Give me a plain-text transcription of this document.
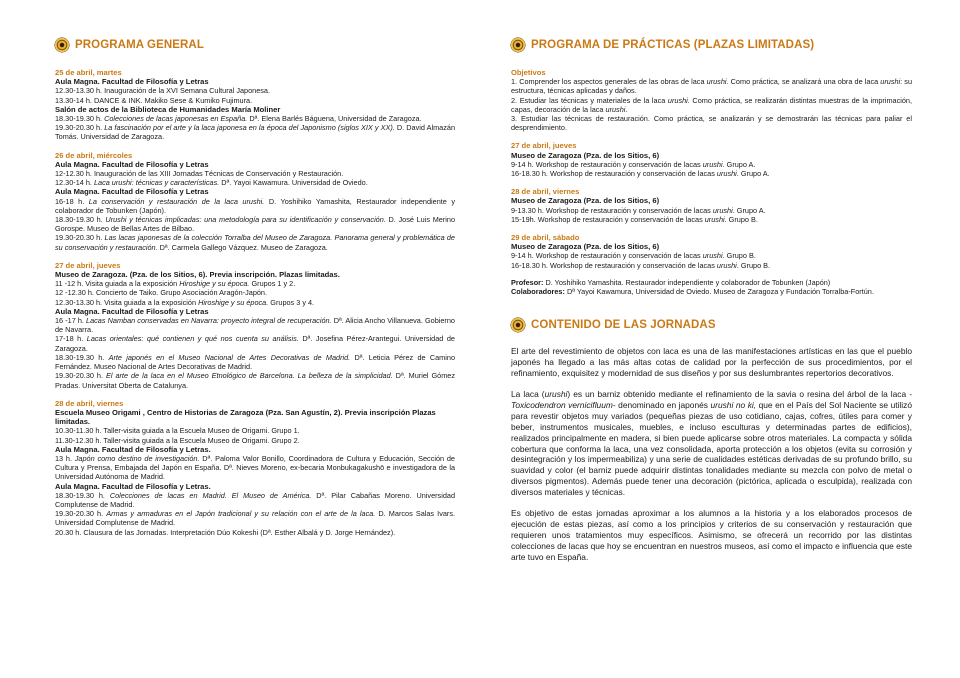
PROGRAMA GENERAL
25 de abril, martes
Aula Magna. Facultad de Filosofía y Letras
12.30-13.30 h. Inauguración de la XVI Semana Cultural Japonesa.
13.30-14 h. DANCE & INK. Makiko Sese & Kumiko Fujimura.
Salón de actos de la Biblioteca de Humanidades María Moliner
18.30-19.30 h. Colecciones de lacas japonesas en España. Dª. Elena Barlés Báguena, Universidad de Zaragoza.
19.30-20.30 h. La fascinación por el arte y la laca japonesa en la época del Japonismo (siglos XIX y XX). D. David Almazán Tomás. Universidad de Zaragoza.
26 de abril, miércoles
Aula Magna. Facultad de Filosofía y Letras
12-12.30 h. Inauguración de las XIII Jornadas Técnicas de Conservación y Restauración.
12.30-14 h. Laca urushi: técnicas y características. Dª. Yayoi Kawamura. Universidad de Oviedo.
Aula Magna. Facultad de Filosofía y Letras
16-18 h. La conservación y restauración de la laca urushi. D. Yoshihiko Yamashita, Restaurador independiente y colaborador de Tobunken (Japón).
18.30-19.30 h. Urushi y técnicas implicadas: una metodología para su identificación y conservación. D. José Luis Merino Gorospe. Museo de Bellas Artes de Bilbao.
19.30-20.30 h. Las lacas japonesas de la colección Torralba del Museo de Zaragoza. Panorama general y problemática de su conservación y restauración. Dª. Carmela Gallego Vázquez. Museo de Zaragoza.
27 de abril, jueves
Museo de Zaragoza. (Pza. de los Sitios, 6). Previa inscripción. Plazas limitadas.
11 -12 h. Visita guiada a la exposición Hiroshige y su época. Grupos 1 y 2.
12 -12.30 h. Concierto de Taiko. Grupo Asociación Aragón-Japón.
12.30-13.30 h. Visita guiada a la exposición Hiroshige y su época. Grupos 3 y 4.
Aula Magna. Facultad de Filosofía y Letras
16 -17 h. Lacas Namban conservadas en Navarra: proyecto integral de recuperación. Dª. Alicia Ancho Villanueva. Gobierno de Navarra.
17-18 h. Lacas orientales: qué contienen y qué nos cuenta su análisis. Dª. Josefina Pérez-Arantegui. Universidad de Zaragoza.
18.30-19.30 h. Arte japonés en el Museo Nacional de Artes Decorativas de Madrid. Dª. Leticia Pérez de Camino Fernández. Museo Nacional de Artes Decorativas de Madrid.
19.30-20.30 h. El arte de la laca en el Museo Etnológico de Barcelona. La belleza de la simplicidad. Dª. Muriel Gómez Pradas. Universitat Oberta de Catalunya.
28 de abril, viernes
Escuela Museo Origami , Centro de Historias de Zaragoza (Pza. San Agustín, 2). Previa inscripción Plazas limitadas.
10.30-11.30 h. Taller-visita guiada a la Escuela Museo de Origami. Grupo 1.
11.30-12.30 h. Taller-visita guiada a la Escuela Museo de Origami. Grupo 2.
Aula Magna. Facultad de Filosofía y Letras.
13 h. Japón como destino de investigación. Dª. Paloma Valor Bonillo, Coordinadora de Cultura y Educación, Sección de Cultura y Prensa, Embajada del Japón en España. Dª. Nieves Moreno, ex-becaria Monbukagakushō e investigadora de la Universidad Autónoma de Madrid.
Aula Magna. Facultad de Filosofía y Letras.
18.30-19.30 h. Colecciones de lacas en Madrid. El Museo de América. Dª. Pilar Cabañas Moreno. Universidad Complutense de Madrid.
19.30-20.30 h. Armas y armaduras en el Japón tradicional y su relación con el arte de la laca. D. Marcos Salas Ivars. Universidad Complutense de Madrid.
20.30 h. Clausura de las Jornadas. Interpretación Dúo Kokeshi (Dª. Esther Albalá y D. Jorge Hernández).
PROGRAMA DE PRÁCTICAS (PLAZAS LIMITADAS)
Objetivos
1. Comprender los aspectos generales de las obras de laca urushi. Como práctica, se analizará una obra de laca urushi: su estructura, técnicas aplicadas y daños.
2. Estudiar las técnicas y materiales de la laca urushi. Como práctica, se realizarán distintas muestras de la imprimación, capas, decoración de la laca urushi.
3. Estudiar las técnicas de restauración. Como práctica, se analizarán y se demostrarán las técnicas para paliar el desprendimiento.
27 de abril, jueves
Museo de Zaragoza (Pza. de los Sitios, 6)
9-14 h. Workshop de restauración y conservación de lacas urushi. Grupo A.
16-18.30 h. Workshop de restauración y conservación de lacas urushi. Grupo A.
28 de abril, viernes
Museo de Zaragoza (Pza. de los Sitios, 6)
9-13.30 h. Workshop de restauración y conservación de lacas urushi. Grupo A.
15-19h. Workshop de restauración y conservación de lacas urushi. Grupo B.
29 de abril, sábado
Museo de Zaragoza (Pza. de los Sitios, 6)
9-14 h. Workshop de restauración y conservación de lacas urushi. Grupo B.
16-18.30 h. Workshop de restauración y conservación de lacas urushi. Grupo B.
Profesor: D. Yoshihiko Yamashita. Restaurador independiente y colaborador de Tobunken (Japón)
Colaboradores: Dª Yayoi Kawamura, Universidad de Oviedo. Museo de Zaragoza y Fundación Torralba-Fortún.
CONTENIDO DE LAS JORNADAS
El arte del revestimiento de objetos con laca es una de las manifestaciones artísticas en las que el pueblo japonés ha llegado a las más altas cotas de calidad por la perfección de sus procedimientos, por el refinamiento, exquisitez y modernidad de sus diseños y por sus deslumbrantes repertorios decorativos.
La laca (urushi) es un barniz obtenido mediante el refinamiento de la savia o resina del árbol de la laca -Toxicodendron vernicifluum- denominado en japonés urushi no ki, que en el País del Sol Naciente se utilizó para revestir objetos muy variados (pequeñas piezas de uso cotidiano, cajas, cofres, útiles para comer y beber, instrumentos musicales, muebles, e incluso esculturas y determinadas partes de edificios), realizados principalmente en madera, si bien puede aplicarse sobre otros materiales. La compacta y sólida cobertura que conforma la laca, una vez consolidada, aporta protección a los objetos (evita su corrosión y desintegración y los impermeabiliza) y una serie de cualidades estéticas derivadas de su profundo brillo, su suavidad y color (el barniz puede adquirir distintas tonalidades mediante su mezcla con polvo de metal o diversos pigmentos). Además puede tener una decoración (pictórica, aplicada o esculpida), realizada con diversos materiales y técnicas.
Es objetivo de estas jornadas aproximar a los alumnos a la historia y a los elaborados procesos de ejecución de estas piezas, así como a los principios y criterios de su conservación y restauración que requieren unos tratamientos muy específicos. Asimismo, se ofrecerá un recorrido por las distintas colecciones de lacas que hoy se encuentran en nuestros museos, así como el impacto e influencia que este arte tuvo en España.
